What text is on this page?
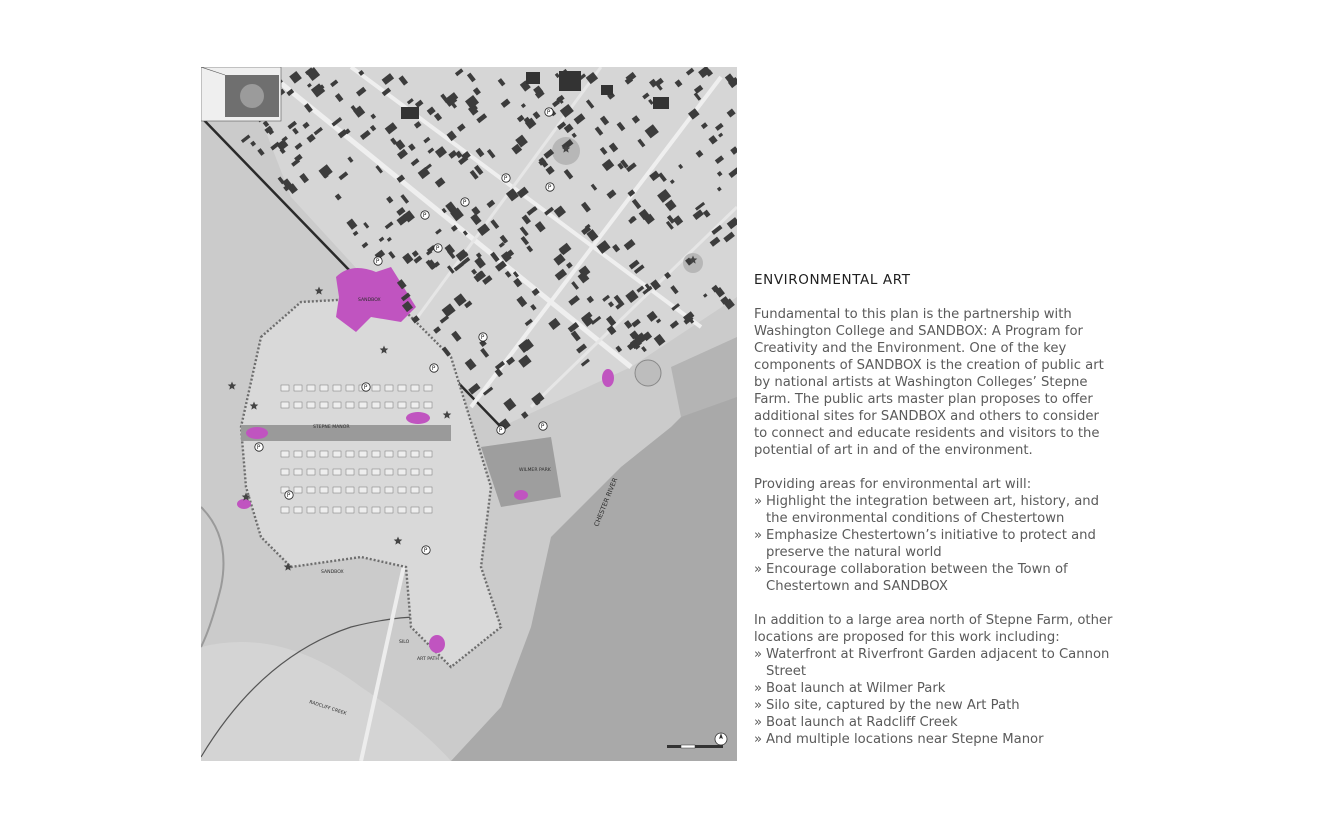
P
P
P
P
P
P
P
P
P
P
P
P
P
P
P
SANDBOX
SANDBOX
STEPNE MANOR
WILMER PARK
SILO
ART PATH
CHESTER RIVER
RADCLIFF CREEK
ENVIRONMENTAL ART

Fundamental to this plan is the partnership with Washington College and SANDBOX: A Program for Creativity and the Environment. One of the key components of SANDBOX is the creation of public art by national artists at Washington Colleges’ Stepne Farm. The public arts master plan proposes to offer additional sites for SANDBOX and others to consider to connect and educate residents and visitors to the potential of art in and of the environment.

Providing areas for environmental art will:
» Highlight the integration between art, history, and the environmental conditions of Chestertown
» Emphasize Chestertown’s initiative to protect and preserve the natural world
» Encourage collaboration between the Town of Chestertown and SANDBOX
In addition to a large area north of Stepne Farm, other locations are proposed for this work including:
» Waterfront at Riverfront Garden adjacent to Cannon Street
» Boat launch at Wilmer Park
» Silo site, captured by the new Art Path
» Boat launch at Radcliff Creek
» And multiple locations near Stepne Manor
